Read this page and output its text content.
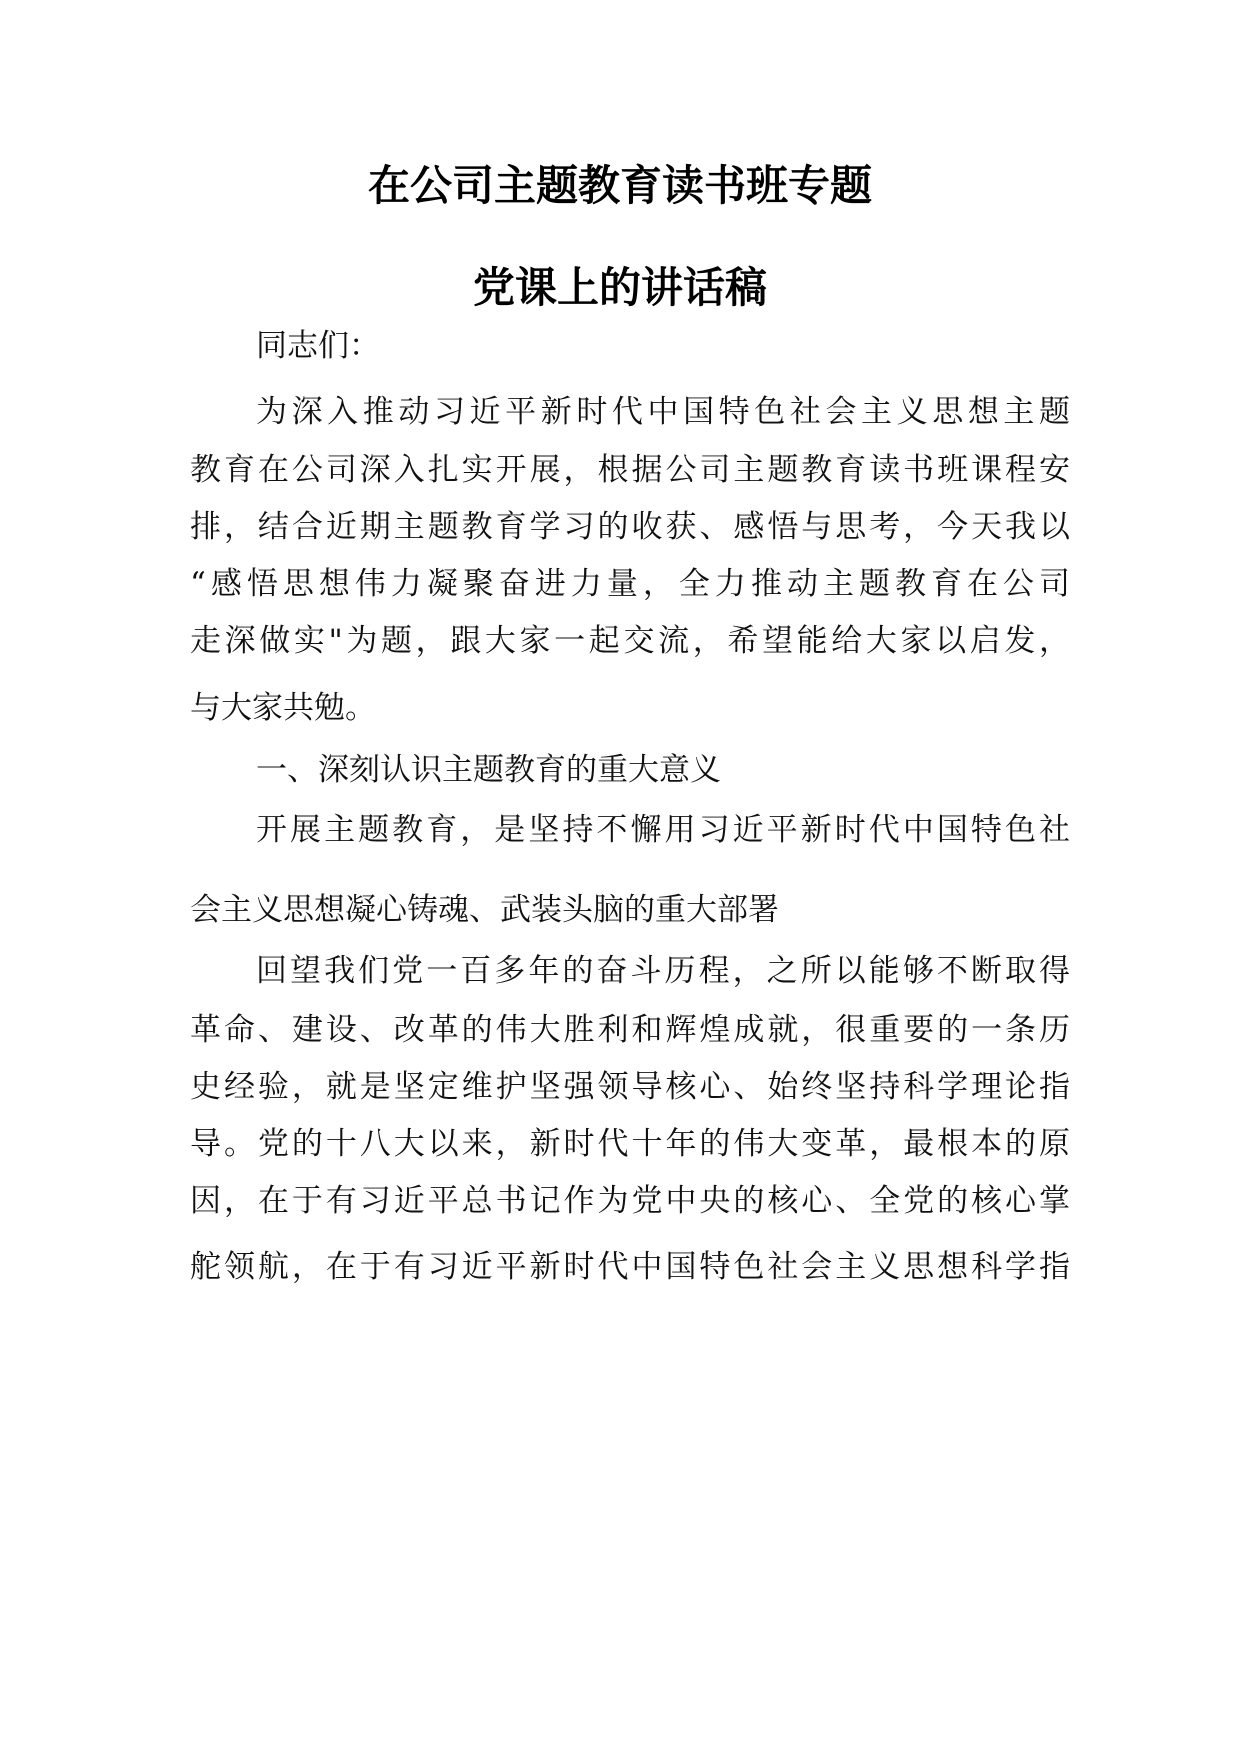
在公司主题教育读书班专题
党课上的讲话稿
同志们：
为深入推动习近平新时代中国特色社会主义思想主题
教育在公司深入扎实开展，根据公司主题教育读书班课程安
排，结合近期主题教育学习的收获、感悟与思考，今天我以
“感悟思想伟力凝聚奋进力量，全力推动主题教育在公司
走深做实"为题，跟大家一起交流，希望能给大家以启发，
与大家共勉。
一、深刻认识主题教育的重大意义
开展主题教育，是坚持不懈用习近平新时代中国特色社
会主义思想凝心铸魂、武装头脑的重大部署
回望我们党一百多年的奋斗历程，之所以能够不断取得
革命、建设、改革的伟大胜利和辉煌成就，很重要的一条历
史经验，就是坚定维护坚强领导核心、始终坚持科学理论指
导。党的十八大以来，新时代十年的伟大变革，最根本的原
因，在于有习近平总书记作为党中央的核心、全党的核心掌
舵领航，在于有习近平新时代中国特色社会主义思想科学指
